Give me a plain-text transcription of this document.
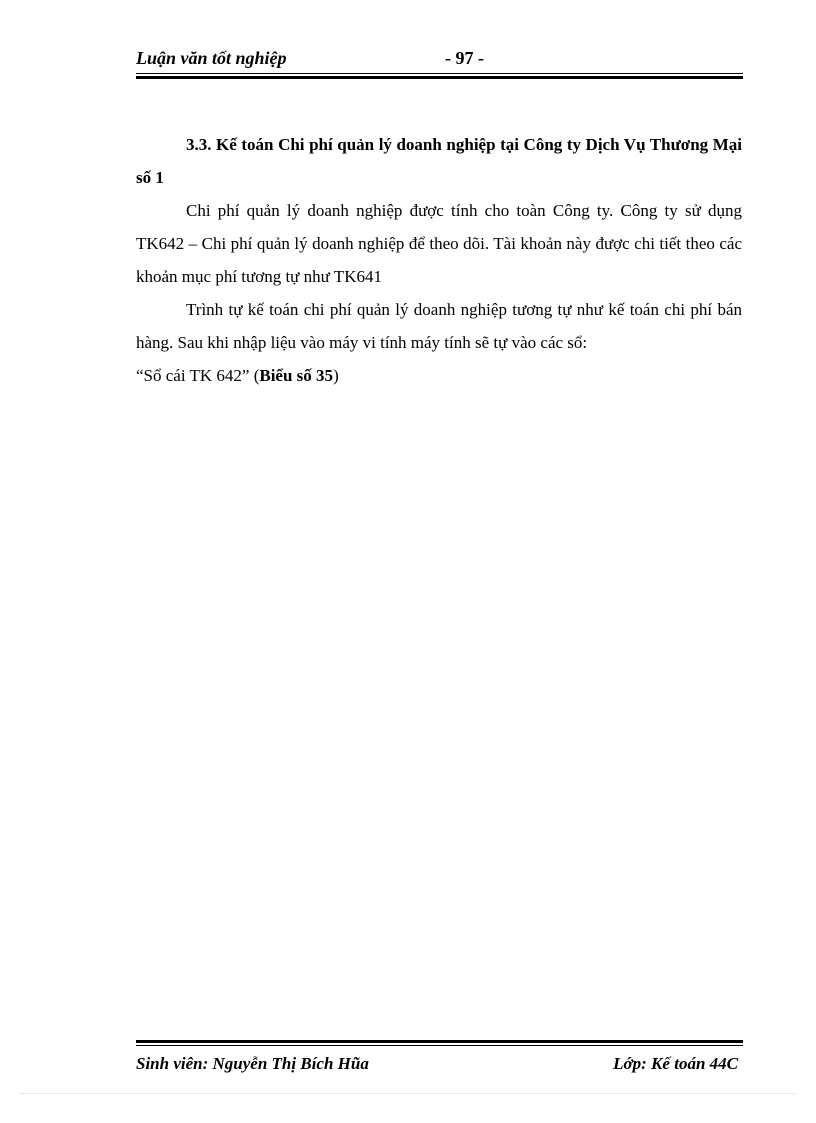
Luận văn tốt nghiệp	- 97 -

3.3. Kế toán Chi phí quản lý doanh nghiệp tại Công ty Dịch Vụ Thương Mại số 1

Chi phí quản lý doanh nghiệp được tính cho toàn Công ty. Công ty sử dụng TK642 – Chi phí quản lý doanh nghiệp để theo dõi. Tài khoản này được chi tiết theo các khoản mục phí tương tự như TK641

Trình tự kế toán chi phí quản lý doanh nghiệp tương tự như kế toán chi phí bán hàng. Sau khi nhập liệu vào máy vi tính máy tính sẽ tự vào các sổ:

“Sổ cái TK 642” (Biểu số 35)

Sinh viên: Nguyễn Thị Bích Hũa	Lớp: Kế toán 44C
